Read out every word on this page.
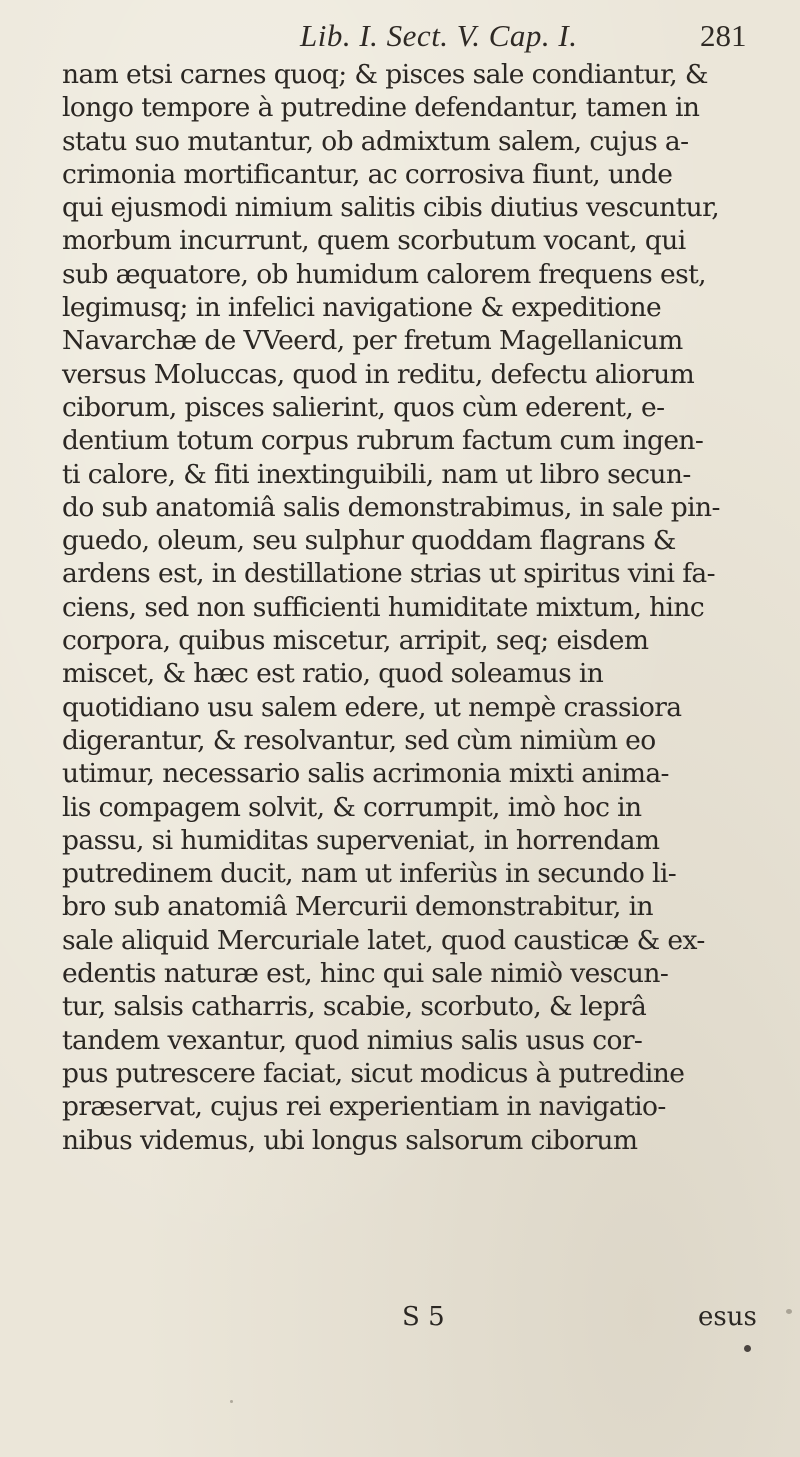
Lib. I. Sect. V. Cap. I.	281
nam etsi carnes quoq; & pisces sale condiantur, &
longo tempore à putredine defendantur, tamen in
statu suo mutantur, ob admixtum salem, cujus a-
crimonia mortificantur, ac corrosiva fiunt, unde
qui ejusmodi nimium salitis cibis diutius vescuntur,
morbum incurrunt, quem scorbutum vocant, qui
sub æquatore, ob humidum calorem frequens est,
legimusq; in infelici navigatione & expeditione
Navarchæ de VVeerd, per fretum Magellanicum
versus Moluccas, quod in reditu, defectu aliorum
ciborum, pisces salierint, quos cùm ederent, e-
dentium totum corpus rubrum factum cum ingen-
ti calore, & fiti inextinguibili, nam ut libro secun-
do sub anatomiâ salis demonstrabimus, in sale pin-
guedo, oleum, seu sulphur quoddam flagrans &
ardens est, in destillatione strias ut spiritus vini fa-
ciens, sed non sufficienti humiditate mixtum, hinc
corpora, quibus miscetur, arripit, seq; eisdem
miscet, & hæc est ratio, quod soleamus in
quotidiano usu salem edere, ut nempè crassiora
digerantur, & resolvantur, sed cùm nimiùm eo
utimur, necessario salis acrimonia mixti anima-
lis compagem solvit, & corrumpit, imò hoc in
passu, si humiditas superveniat, in horrendam
putredinem ducit, nam ut inferiùs in secundo li-
bro sub anatomiâ Mercurii demonstrabitur, in
sale aliquid Mercuriale latet, quod causticæ & ex-
edentis naturæ est, hinc qui sale nimiò vescun-
tur, salsis catharris, scabie, scorbuto, & leprâ
tandem vexantur, quod nimius salis usus cor-
pus putrescere faciat, sicut modicus à putredine
præservat, cujus rei experientiam in navigatio-
nibus videmus, ubi longus salsorum ciborum
S 5	esus
